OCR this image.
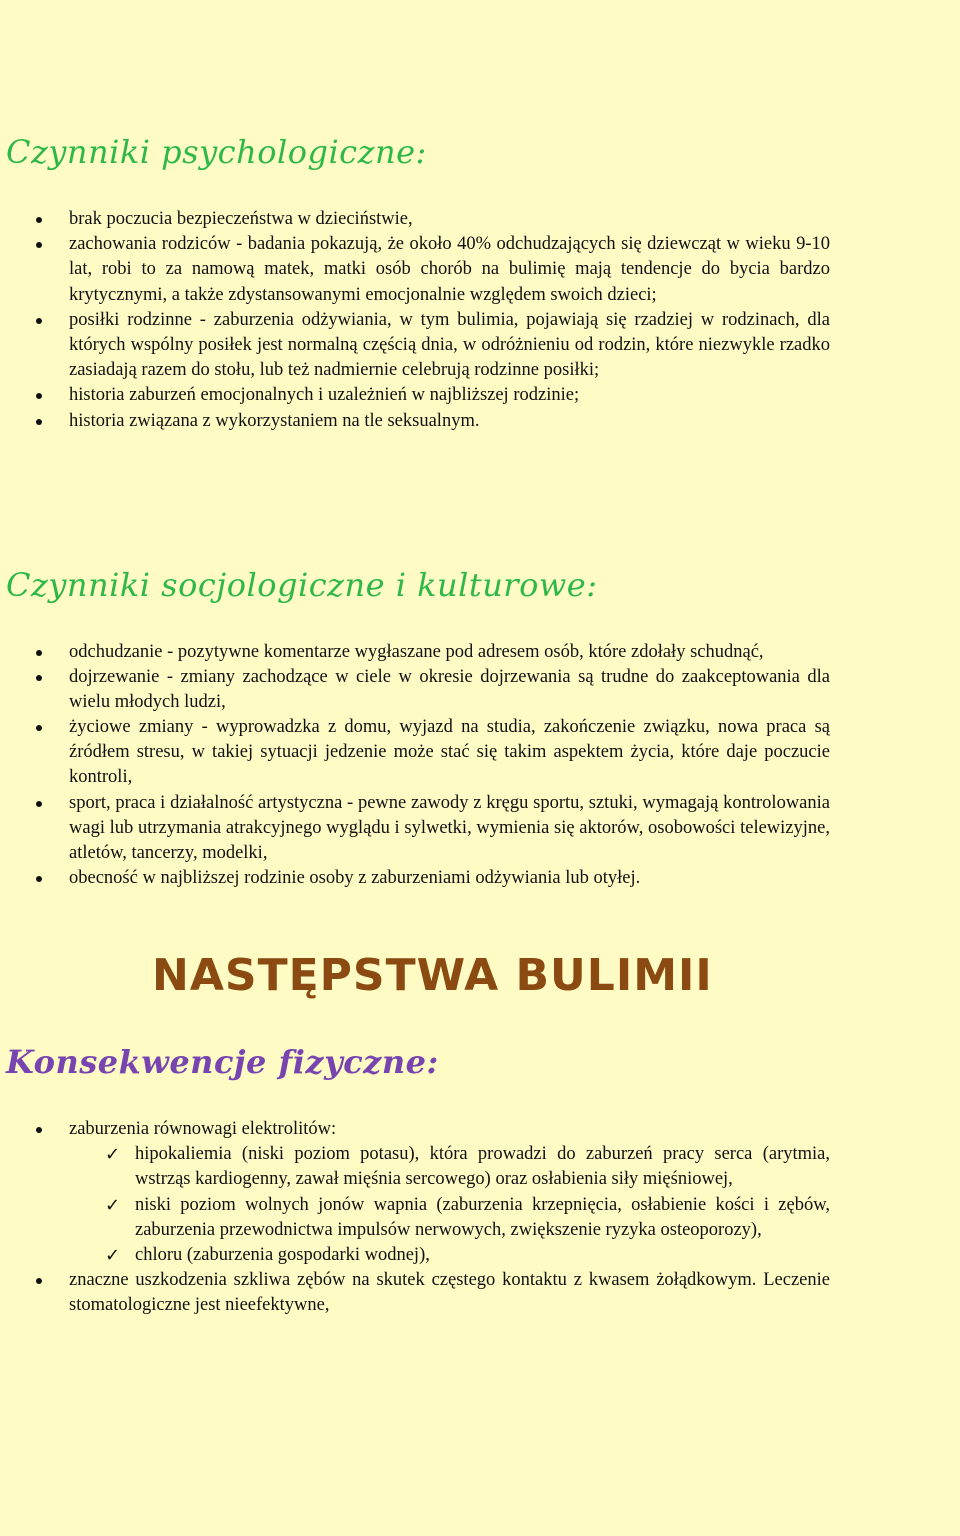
Czynniki psychologiczne:
brak poczucia bezpieczeństwa w dzieciństwie,
zachowania rodziców - badania pokazują, że około 40% odchudzających się dziewcząt w wieku 9-10 lat, robi to za namową matek, matki osób chorób na bulimię mają tendencje do bycia bardzo krytycznymi, a także zdystansowanymi emocjonalnie względem swoich dzieci;
posiłki rodzinne - zaburzenia odżywiania, w tym bulimia, pojawiają się rzadziej w rodzinach, dla których wspólny posiłek jest normalną częścią dnia, w odróżnieniu od rodzin, które niezwykle rzadko zasiadają razem do stołu, lub też nadmiernie celebrują rodzinne posiłki;
historia zaburzeń emocjonalnych i uzależnień w najbliższej rodzinie;
historia związana z wykorzystaniem na tle seksualnym.
Czynniki socjologiczne i kulturowe:
odchudzanie - pozytywne komentarze wygłaszane pod adresem osób, które zdołały schudnąć,
dojrzewanie - zmiany zachodzące w ciele w okresie dojrzewania są trudne do zaakceptowania dla wielu młodych ludzi,
życiowe zmiany - wyprowadzka z domu, wyjazd na studia, zakończenie związku, nowa praca są źródłem stresu, w takiej sytuacji jedzenie może stać się takim aspektem życia, które daje poczucie kontroli,
sport, praca i działalność artystyczna - pewne zawody z kręgu sportu, sztuki, wymagają kontrolowania wagi lub utrzymania atrakcyjnego wyglądu i sylwetki, wymienia się aktorów, osobowości telewizyjne, atletów, tancerzy, modelki,
obecność w najbliższej rodzinie osoby z zaburzeniami odżywiania lub otyłej.
NASTĘPSTWA BULIMII
Konsekwencje fizyczne:
zaburzenia równowagi elektrolitów:
✓ hipokaliemia (niski poziom potasu), która prowadzi do zaburzeń pracy serca (arytmia, wstrząs kardiogenny, zawał mięśnia sercowego) oraz osłabienia siły mięśniowej,
✓ niski poziom wolnych jonów wapnia (zaburzenia krzepnięcia, osłabienie kości i zębów, zaburzenia przewodnictwa impulsów nerwowych, zwiększenie ryzyka osteoporozy),
✓ chloru (zaburzenia gospodarki wodnej),
znaczne uszkodzenia szkliwa zębów na skutek częstego kontaktu z kwasem żołądkowym. Leczenie stomatologiczne jest nieefektywne,
